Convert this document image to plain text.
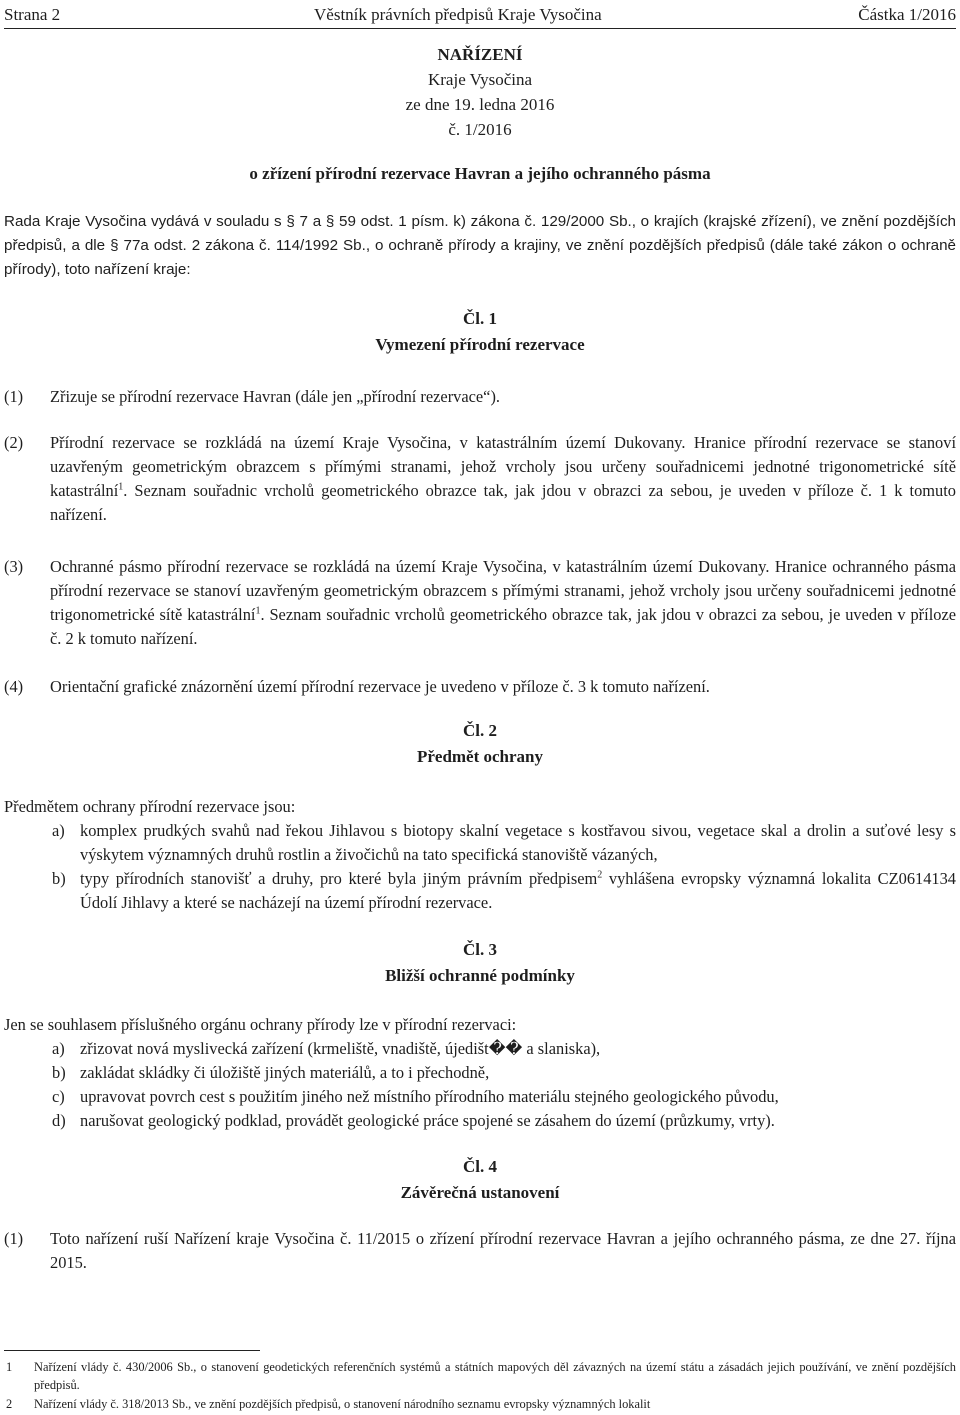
Strana 2	Věstník právních předpisů Kraje Vysočina	Částka 1/2016
NAŘÍZENÍ
Kraje Vysočina
ze dne 19. ledna 2016
č. 1/2016
o zřízení přírodní rezervace Havran a jejího ochranného pásma

Rada Kraje Vysočina vydává v souladu s § 7 a § 59 odst. 1 písm. k) zákona č. 129/2000 Sb., o krajích (krajské zřízení), ve znění pozdějších předpisů, a dle § 77a odst. 2 zákona č. 114/1992 Sb., o ochraně přírody a krajiny, ve znění pozdějších předpisů (dále také zákon o ochraně přírody), toto nařízení kraje:

Čl. 1
Vymezení přírodní rezervace
(1) Zřizuje se přírodní rezervace Havran (dále jen „přírodní rezervace“).
(2) Přírodní rezervace se rozkládá na území Kraje Vysočina, v katastrálním území Dukovany. Hranice přírodní rezervace se stanoví uzavřeným geometrickým obrazcem s přímými stranami, jehož vrcholy jsou určeny souřadnicemi jednotné trigonometrické sítě katastrální$^1$. Seznam souřadnic vrcholů geometrického obrazce tak, jak jdou v obrazci za sebou, je uveden v příloze č. 1 k tomuto nařízení.
(3) Ochranné pásmo přírodní rezervace se rozkládá na území Kraje Vysočina, v katastrálním území Dukovany. Hranice ochranného pásma přírodní rezervace se stanoví uzavřeným geometrickým obrazcem s přímými stranami, jehož vrcholy jsou určeny souřadnicemi jednotné trigonometrické sítě katastrální$^1$. Seznam souřadnic vrcholů geometrického obrazce tak, jak jdou v obrazci za sebou, je uveden v příloze č. 2 k tomuto nařízení.
(4) Orientační grafické znázornění území přírodní rezervace je uvedeno v příloze č. 3 k tomuto nařízení.
Čl. 2
Předmět ochrany

Předmětem ochrany přírodní rezervace jsou:

a) komplex prudkých svahů nad řekou Jihlavou s biotopy skalní vegetace s kostřavou sivou, vegetace skal a drolin a suťové lesy s výskytem významných druhů rostlin a živočichů na tato specifická stanoviště vázaných,
b) typy přírodních stanovišť a druhy, pro které byla jiným právním předpisem$^2$ vyhlášena evropsky významná lokalita CZ0614134 Údolí Jihlavy a které se nacházejí na území přírodní rezervace.
Čl. 3
Bližší ochranné podmínky

Jen se souhlasem příslušného orgánu ochrany přírody lze v přírodní rezervaci:

a) zřizovat nová myslivecká zařízení (krmeliště, vnadiště, újedišt�� a slaniska),
b) zakládat skládky či úložiště jiných materiálů, a to i přechodně,
c) upravovat povrch cest s použitím jiného než místního přírodního materiálu stejného geologického původu,
d) narušovat geologický podklad, provádět geologické práce spojené se zásahem do území (průzkumy, vrty).
Čl. 4
Závěrečná ustanovení
(1) Toto nařízení ruší Nařízení kraje Vysočina č. 11/2015 o zřízení přírodní rezervace Havran a jejího ochranného pásma, ze dne 27. října 2015.
1 Nařízení vlády č. 430/2006 Sb., o stanovení geodetických referenčních systémů a státních mapových děl závazných na území státu a zásadách jejich používání, ve znění pozdějších předpisů.
2 Nařízení vlády č. 318/2013 Sb., ve znění pozdějších předpisů, o stanovení národního seznamu evropsky významných lokalit
